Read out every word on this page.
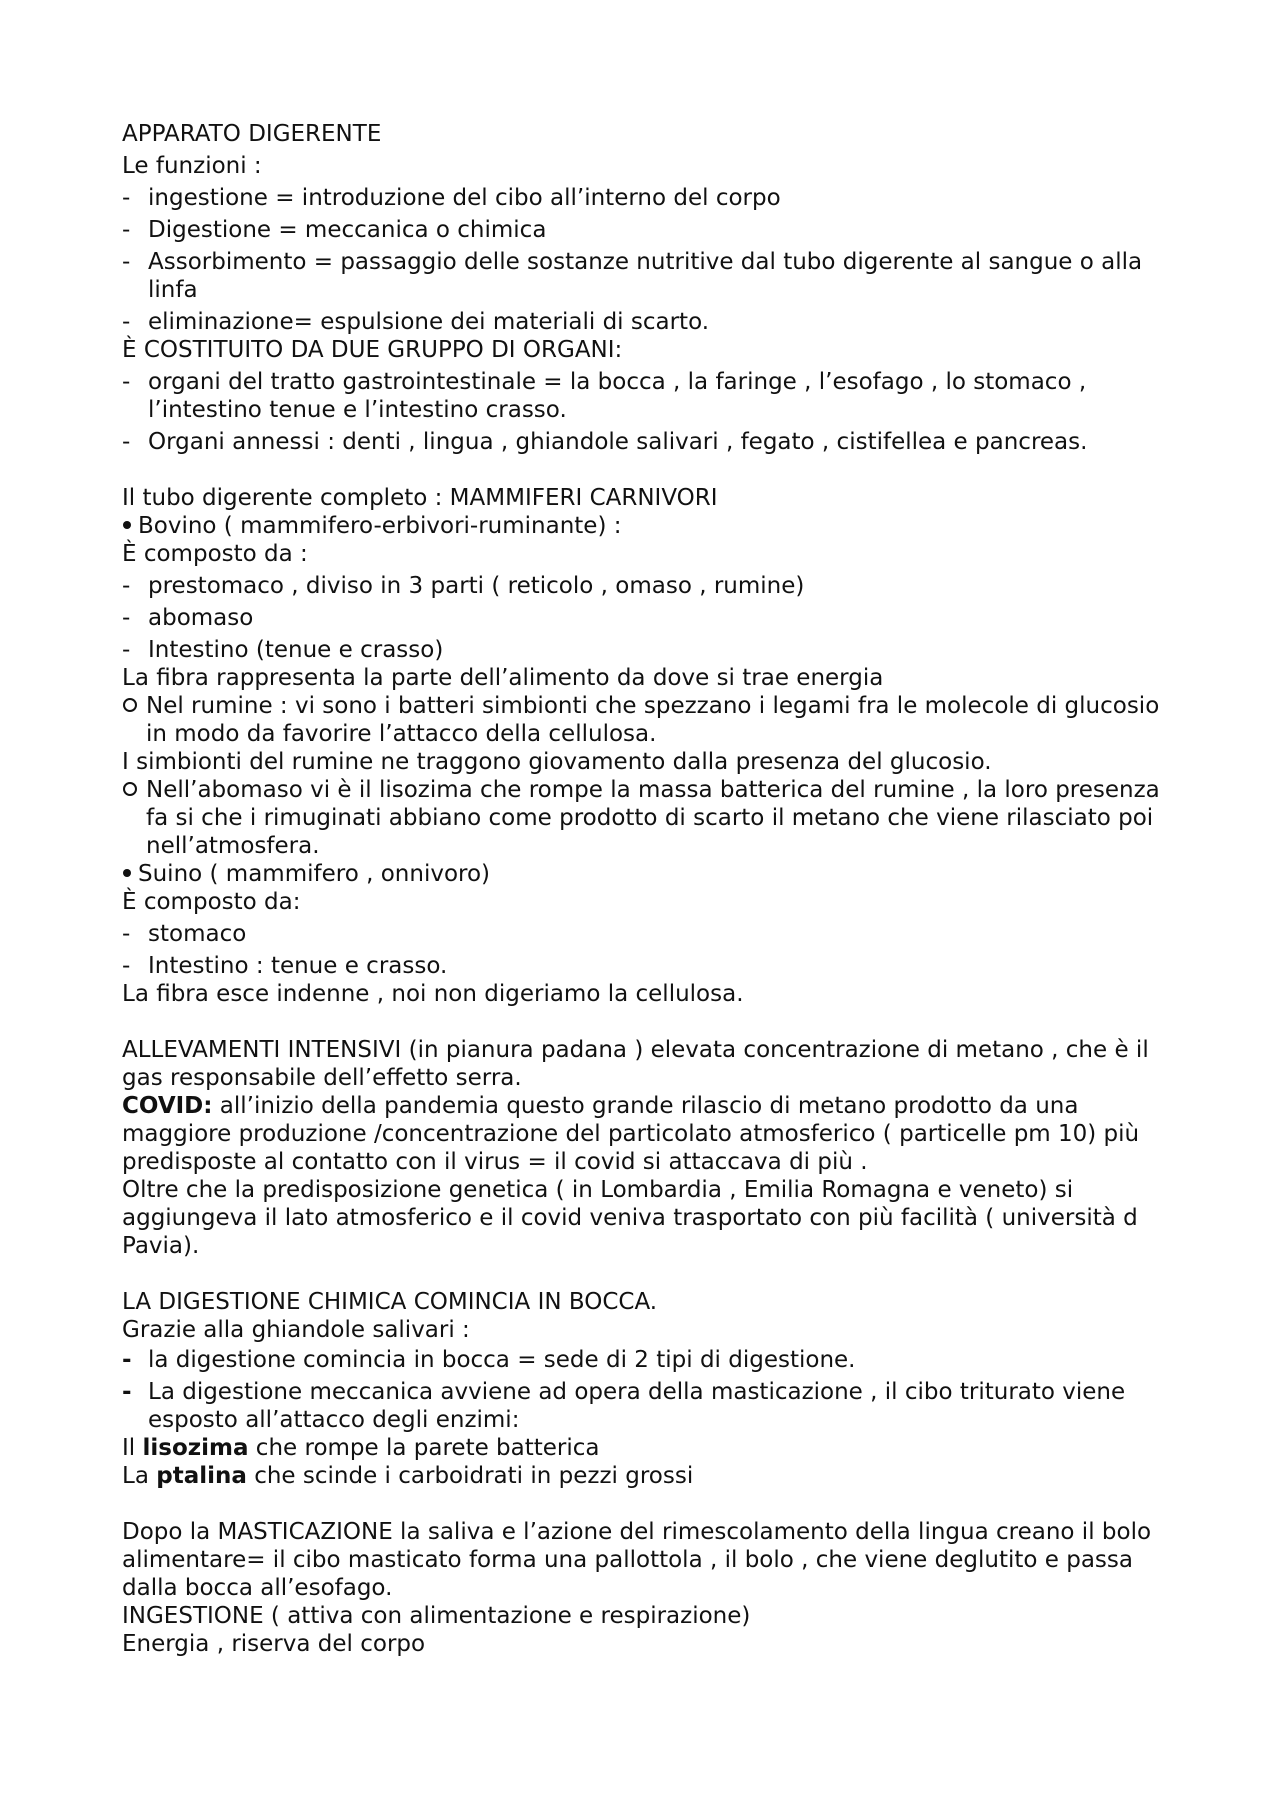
APPARATO DIGERENTE

Le funzioni :

- ingestione = introduzione del cibo all’interno del corpo
- Digestione = meccanica o chimica
- Assorbimento = passaggio delle sostanze nutritive dal tubo digerente al sangue o alla linfa
- eliminazione= espulsione dei materiali di scarto.

È COSTITUITO DA DUE GRUPPO DI ORGANI:

- organi del tratto gastrointestinale = la bocca , la faringe , l’esofago , lo stomaco , l’intestino tenue e l’intestino crasso.
- Organi annessi : denti , lingua , ghiandole salivari , fegato , cistifellea e pancreas.

Il tubo digerente completo : MAMMIFERI CARNIVORI

Bovino ( mammifero-erbivori-ruminante) :

È composto da :

- prestomaco , diviso in 3 parti ( reticolo , omaso , rumine)
- abomaso
- Intestino (tenue e crasso)

La fibra rappresenta la parte dell’alimento da dove si trae energia

Nel rumine : vi sono i batteri simbionti che spezzano i legami fra le molecole di glucosio in modo da favorire l’attacco della cellulosa.

I simbionti del rumine ne traggono giovamento dalla presenza del glucosio.

Nell’abomaso vi è il lisozima che rompe la massa batterica del rumine , la loro presenza fa si che i rimuginati abbiano come prodotto di scarto il metano che viene rilasciato poi nell’atmosfera.

Suino ( mammifero , onnivoro)

È composto da:

- stomaco
- Intestino : tenue e crasso.

La fibra esce indenne , noi non digeriamo la cellulosa.

ALLEVAMENTI INTENSIVI (in pianura padana ) elevata concentrazione di metano , che è il gas responsabile dell’effetto serra.

COVID: all’inizio della pandemia questo grande rilascio di metano prodotto da una maggiore produzione /concentrazione del particolato atmosferico ( particelle pm 10) più predisposte al contatto con il virus = il covid si attaccava di più .

Oltre che la predisposizione genetica ( in Lombardia , Emilia Romagna e veneto) si aggiungeva il lato atmosferico e il covid veniva trasportato con più facilità ( università d Pavia).

LA DIGESTIONE CHIMICA COMINCIA IN BOCCA.

Grazie alla ghiandole salivari :

- la digestione comincia in bocca = sede di 2 tipi di digestione.
- La digestione meccanica avviene ad opera della masticazione , il cibo triturato viene esposto all’attacco degli enzimi:

Il lisozima che rompe la parete batterica

La ptalina che scinde i carboidrati in pezzi grossi

Dopo la MASTICAZIONE la saliva e l’azione del rimescolamento della lingua creano il bolo alimentare= il cibo masticato forma una pallottola , il bolo , che viene deglutito e passa dalla bocca all’esofago.

INGESTIONE ( attiva con alimentazione e respirazione)

Energia , riserva del corpo
